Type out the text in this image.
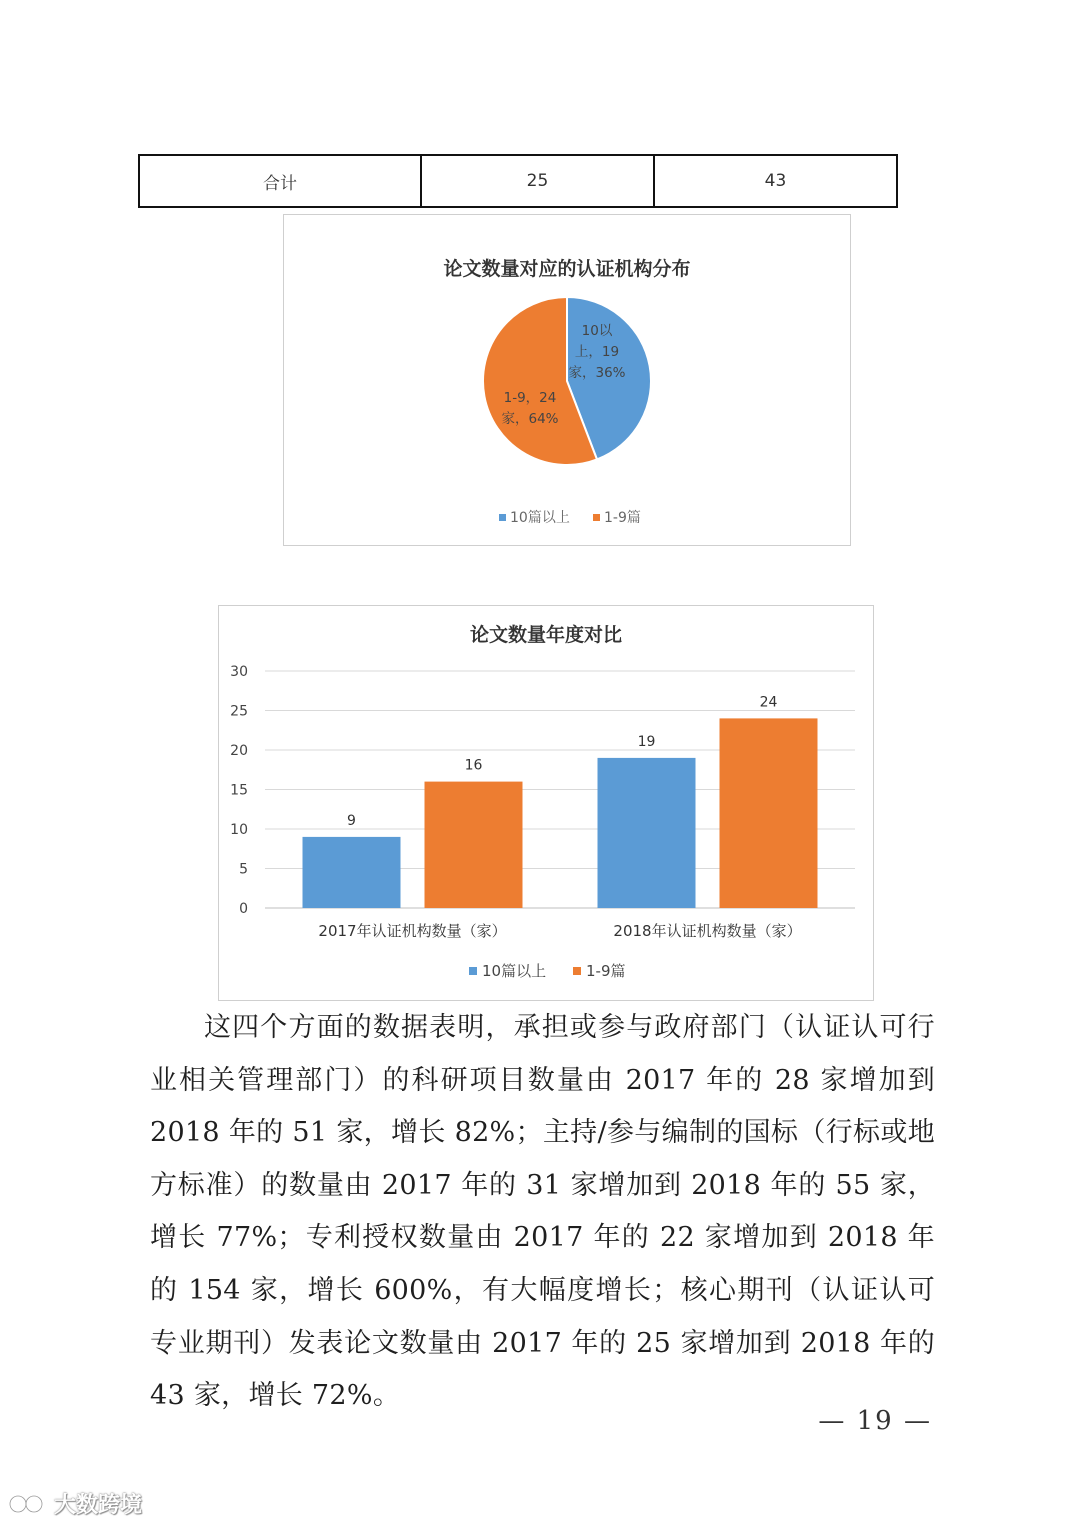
合计	25	43
论文数量对应的认证机构分布
10以
上，19
家，36%
1-9，24
家，64%
10篇以上 1-9篇
论文数量年度对比
0
5
10
15
20
25
30
9
16
19
24
2017年认证机构数量（家）	2018年认证机构数量（家）
10篇以上	1-9篇

这四个方面的数据表明，承担或参与政府部门（认证认可行业相关管理部门）的科研项目数量由 2017 年的 28 家增加到 2018 年的 51 家，增长 82%；主持/参与编制的国标（行标或地方标准）的数量由 2017 年的 31 家增加到 2018 年的 55 家，增长 77%；专利授权数量由 2017 年的 22 家增加到 2018 年的 154 家，增长 600%，有大幅度增长；核心期刊（认证认可专业期刊）发表论文数量由 2017 年的 25 家增加到 2018 年的 43 家，增长 72%。

— 19 —
大数跨境
